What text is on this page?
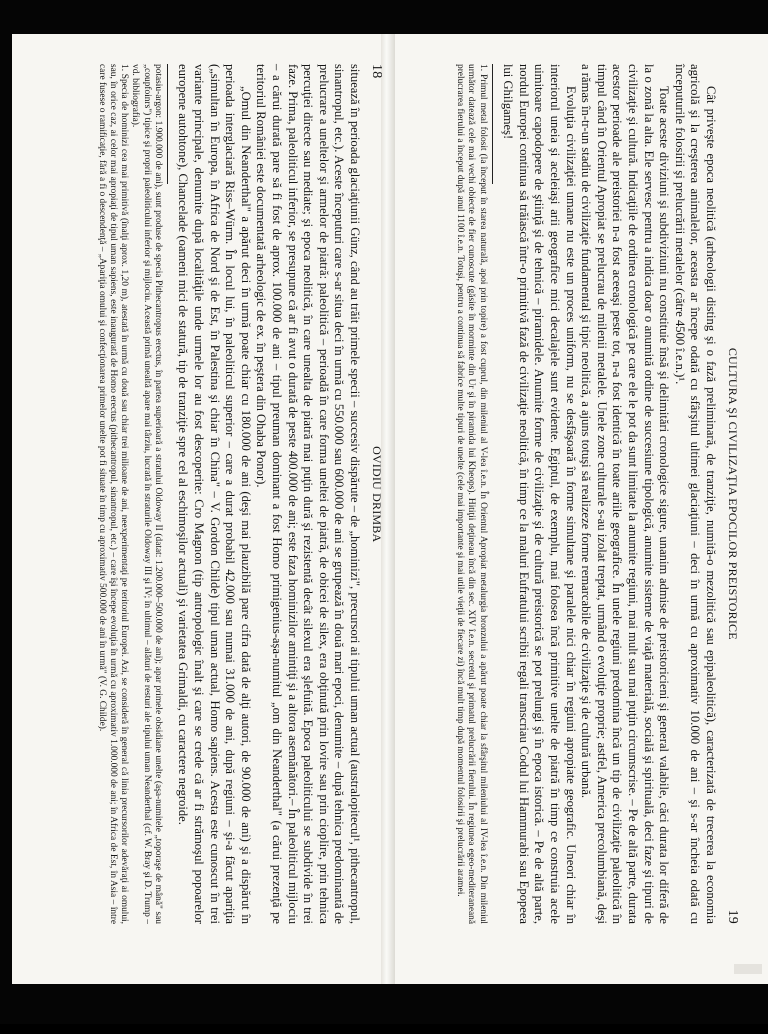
18
OVIDIU DRIMBA

situează în perioada glaciaţiunii Günz, când au trăit primele specii – succesiv dispărute – de „hominizi", precursori ai tipului uman actual (australopitecul¹, pithecantropul, sinantropul, etc.). Aceste începuturi care s-ar situa deci în urmă cu 550.000 sau 600.000 de ani se grupează în două mari epoci, denumite – după tehnica predominantă de prelucrare a uneltelor şi armelor de piatră: paleolitică – perioadă în care forma uneltei de piatră, de obicei de silex, era obţinută prin lovire sau prin cioplire, prin tehnica percuţiei directe sau mediate; şi epoca neolitică, în care unealta de piatră mai puţin dură şi rezistentă decât silexul era şlefuită. Epoca paleoliticului se subdivide în trei faze. Prima, paleoliticul inferior, se presupune că ar fi avut o durată de peste 400.000 de ani; este faza hominizilor amintiţi şi a altora asemănători.– În paleoliticul mijlociu – a cărui durată pare să fi fost de aprox. 100.000 de ani – tipul preuman dominant a fost Homo primigenius-așa-numitul „om din Neanderthal" (a cărui prezenţă pe teritoriul României este documentată arheologic de ex. în peştera din Ohaba Ponor).

„Omul din Neanderthal" a apărut deci în urmă poate chiar cu 180.000 de ani (deşi mai plauzibilă pare cifra dată de alţi autori, de 90.000 de ani) şi a dispărut în perioada interglaciară Riss–Würm. În locul lui, în paleoliticul superior – care a durat probabil 42.000 sau numai 31.000 de ani, după regiuni – şi-a făcut apariţia („simultan în Europa, în Africa de Nord şi de Est, în Palestina şi chiar în China" – V. Gordon Childe) tipul uman actual, Homo sapiens. Acesta este cunoscut în trei variante principale, denumite după localităţile unde urmele lor au fost descoperite: Cro Magnon (tip antropologic înalt şi care se crede că ar fi strămoşul popoarelor europene autohtone), Chancelade (oameni mici de statură, tip de tranziţie spre cel al eschimoşilor actuali) şi varietatea Grimaldi, cu caractere negroide.

potasiu-argon: 1.900.000 de ani), sunt produse de specia Pithecantropus erectus, în partea superioară a stratului Oldoway II (datat: 1.200.000–500.000 de ani); apar primele obsidiane unelte (aşa-numitele „toporaşe de mână" sau „coupfoinrs") tipice şi proprii paleoliticului inferior şi mijlociu. Această primă unealtă apare mai târziu, lucrată în straturile Oldoway III şi IV; în ultimul – alături de resturi ale tipului uman Neanderthal (cf. W. Bray şi D. Trump – vd. bibliografia).

1. Specia de hominizi cea mai primitivă (înalţi aprox. 1,20 m), atestată în urmă cu două sau chiar trei milioane de ani, neexperimentaţi pe teritoriul Europei. Azi, se consideră în general că linia precursorilor adevăraţi ai omului, sau, în orice caz, ai celor mai apropiaţi de tipul uman sapiens, este inaugurată de Homo erectus (pithecantropul, sinantropul, etc.) – care îşi începe evoluţia în urmă cu aproximativ 1.000.000 de ani; în Africa de Est, în Asia – între care fusese o ramificaţie, fără a fi o descendenţă – „Apariţia omului şi confecţionarea primelor unelte pot fi situate în timp cu aproximativ 500.000 de ani în urmă" (V. G. Childe).	CULTURA ŞI CIVILIZAŢIA EPOCILOR PREISTORICE
19

Cât priveşte epoca neolitică (arheologii disting şi o fază preliminară, de tranziţie, numită-o mezolitică sau epipaleolitică), caracterizată de trecerea la economia agricolă şi la creşterea animalelor, aceasta ar începe odată cu sfârşitul ultimei glaciaţiuni – deci în urmă cu aproximativ 10.000 de ani – şi s-ar încheia odată cu începuturile folosirii şi prelucrării metalelor (către 4500 î.e.n.)¹.

Toate aceste diviziuni şi subdiviziuni nu constituie însă şi delimitări cronologice sigure, unanim admise de preistoricieni şi general valabile, căci durata lor diferă de la o zonă la alta. Ele servesc pentru a indica doar o anumită ordine de succesiune tipologică, anumite sisteme de viaţă materială, socială şi spirituală, deci faze şi tipuri de civilizaţie şi cultură. Indicaţiile de ordinea cronologică pe care ele le pot da sunt limitate la anumite regiuni, mai mult sau mai puţin circumscrise. – Pe de altă parte, durata acestor perioade ale preistoriei n-a fost aceeaşi peste tot, n-a fost identică în toate ariile geografice. În unele regiuni predomina încă un tip de civilizaţie paleolitică în timpul când în Orientul Apropiat se prelucrau de milenii metalele. Unele zone culturale s-au izolat treptat, urmând o evoluţie proprie; astfel, America precolumbiană, deşi a rămas în-tr-un stadiu de civilizaţie fundamental şi tipic neolitică, a ajuns totuşi să realizeze forme remarcabile de civilizaţie şi de cultură urbană.

Evoluţia civilizaţiei umane nu este un proces uniform, nu se desfăşoară în forme simultane şi paralele nici chiar în regiuni apropiate geografic. Uneori chiar în interiorul uneia şi aceleiaşi arii geografice mici decalajele sunt evidente. Egiptul, de exemplu, mai folosea încă primitive unelte de piatră în timp ce construia acele uimitoare capodopere de ştiinţă şi de tehnică – piramidele. Anumite forme de civilizaţie şi de cultură preistorică se pot prelungi şi în epoca istorică. – Pe de altă parte, nordul Europei continua să trăiască într-o primitivă fază de civilizaţie neolitică, în timp ce la maluri Eufratului scribii regali transcriau Codul lui Hammurabi sau Epopeea lui Ghilgameş!

1. Primul metal folosit (la început în starea naturală, apoi prin topire) a fost cuprul, din mileniul al V-lea î.e.n. În Orientul Apropiat metalurgia bronzului a apărut poate chiar la sfârşitul mileniului al IV-lea î.e.n. Din mileniul următor datează cele mai vechi obiecte de fier cunoscute (găsite în morminte din Ur şi în piramida lui Kheops). Hitiţii deţineau încă din sec. XIV î.e.n. secretul şi primatul prelucrării fierului. În regiunea egeo-mediteraneană prelucrarea fierului a început după anul 1100 î.e.n. Totuşi, pentru a continua să fabrice multe tipuri de unelte (cele mai importante şi mai utile vieţii de fiecare zi) încă mult timp după momentul folosirii şi prelucrării aramei.
